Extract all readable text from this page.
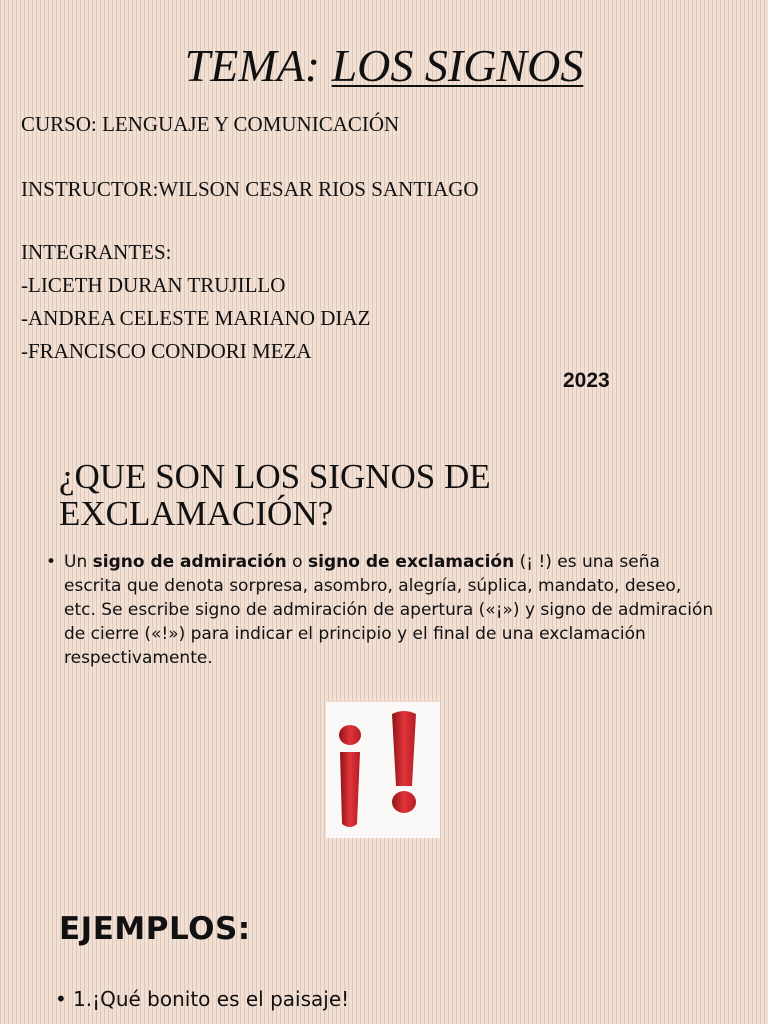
TEMA: LOS SIGNOS
CURSO: LENGUAJE Y COMUNICACIÓN
INSTRUCTOR:WILSON CESAR RIOS SANTIAGO
INTEGRANTES:
-LICETH DURAN TRUJILLO
-ANDREA CELESTE MARIANO DIAZ
-FRANCISCO CONDORI MEZA
2023
¿QUE SON LOS SIGNOS DE EXCLAMACIÓN?
• Un signo de admiración o signo de exclamación (¡ !) es una seña escrita que denota sorpresa, asombro, alegría, súplica, mandato, deseo, etc. Se escribe signo de admiración de apertura («¡») y signo de admiración de cierre («!») para indicar el principio y el final de una exclamación respectivamente.
EJEMPLOS:
• 1.¡Qué bonito es el paisaje!
